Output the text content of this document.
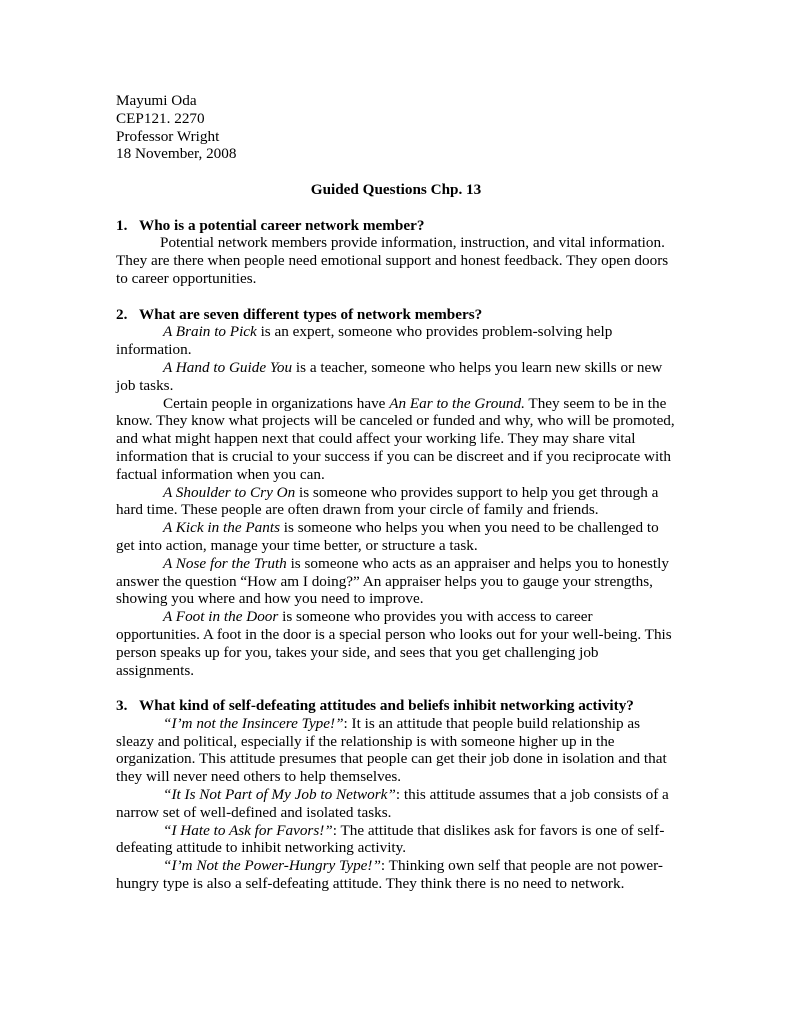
Mayumi Oda

CEP121. 2270

Professor Wright

18 November, 2008

Guided Questions Chp. 13

1. Who is a potential career network member?

Potential network members provide information, instruction, and vital information. They are there when people need emotional support and honest feedback. They open doors to career opportunities.

2. What are seven different types of network members?

A Brain to Pick is an expert, someone who provides problem-solving help information.

A Hand to Guide You is a teacher, someone who helps you learn new skills or new job tasks.

Certain people in organizations have An Ear to the Ground. They seem to be in the know. They know what projects will be canceled or funded and why, who will be promoted, and what might happen next that could affect your working life. They may share vital information that is crucial to your success if you can be discreet and if you reciprocate with factual information when you can.

A Shoulder to Cry On is someone who provides support to help you get through a hard time. These people are often drawn from your circle of family and friends.

A Kick in the Pants is someone who helps you when you need to be challenged to get into action, manage your time better, or structure a task.

A Nose for the Truth is someone who acts as an appraiser and helps you to honestly answer the question “How am I doing?” An appraiser helps you to gauge your strengths, showing you where and how you need to improve.

A Foot in the Door is someone who provides you with access to career opportunities. A foot in the door is a special person who looks out for your well-being. This person speaks up for you, takes your side, and sees that you get challenging job assignments.

3. What kind of self-defeating attitudes and beliefs inhibit networking activity?

“I’m not the Insincere Type!”: It is an attitude that people build relationship as sleazy and political, especially if the relationship is with someone higher up in the organization. This attitude presumes that people can get their job done in isolation and that they will never need others to help themselves.

“It Is Not Part of My Job to Network”: this attitude assumes that a job consists of a narrow set of well-defined and isolated tasks.

“I Hate to Ask for Favors!”: The attitude that dislikes ask for favors is one of self-defeating attitude to inhibit networking activity.

“I’m Not the Power-Hungry Type!”: Thinking own self that people are not power-hungry type is also a self-defeating attitude. They think there is no need to network.
